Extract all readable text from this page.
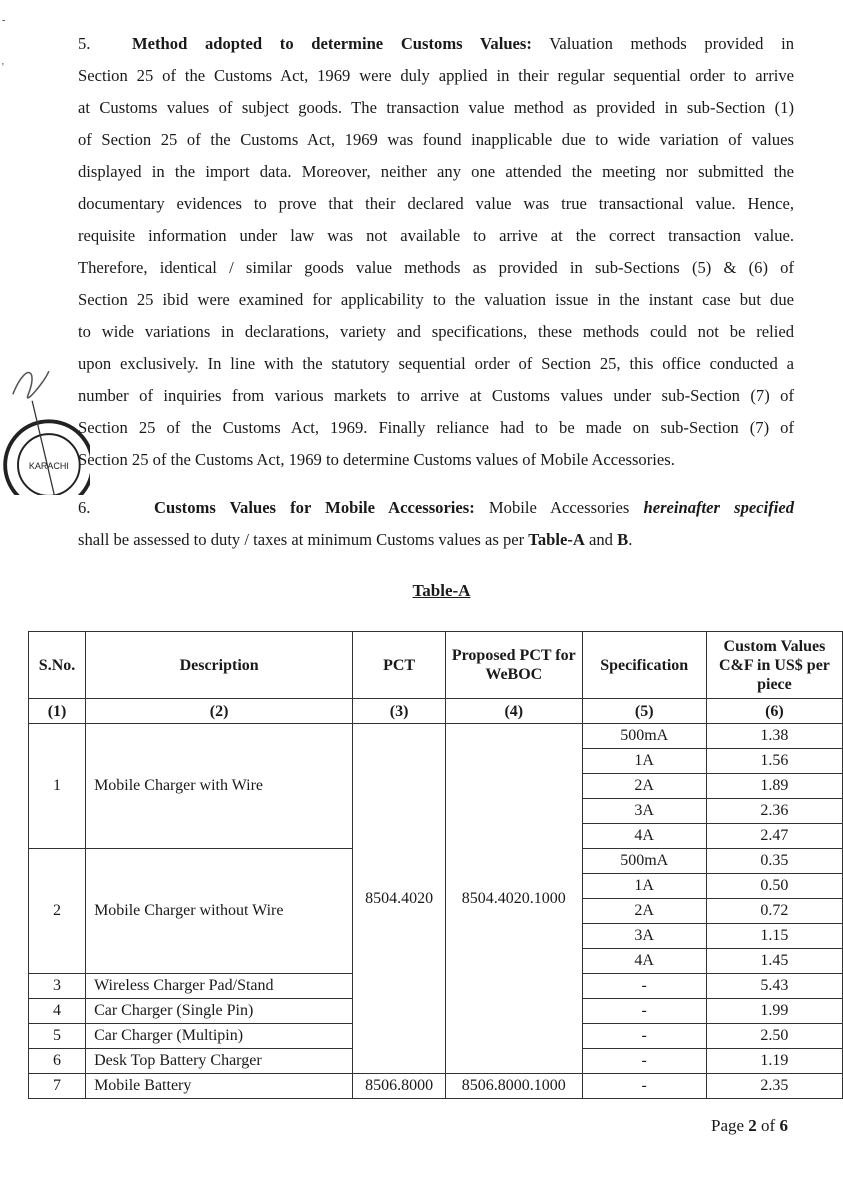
5.	Method adopted to determine Customs Values: Valuation methods provided in
Section 25 of the Customs Act, 1969 were duly applied in their regular sequential order to arrive
at Customs values of subject goods. The transaction value method as provided in sub-Section (1)
of Section 25 of the Customs Act, 1969 was found inapplicable due to wide variation of values
displayed in the import data. Moreover, neither any one attended the meeting nor submitted the
documentary evidences to prove that their declared value was true transactional value. Hence,
requisite information under law was not available to arrive at the correct transaction value.
Therefore, identical / similar goods value methods as provided in sub-Sections (5) & (6) of
Section 25 ibid were examined for applicability to the valuation issue in the instant case but due
to wide variations in declarations, variety and specifications, these methods could not be relied
upon exclusively. In line with the statutory sequential order of Section 25, this office conducted a
number of inquiries from various markets to arrive at Customs values under sub-Section (7) of
Section 25 of the Customs Act, 1969. Finally reliance had to be made on sub-Section (7) of
Section 25 of the Customs Act, 1969 to determine Customs values of Mobile Accessories.
KARACHI
-
'
6.	Customs Values for Mobile Accessories: Mobile Accessories hereinafter specified
shall be assessed to duty / taxes at minimum Customs values as per Table-A and B.
Table-A
S.No.	Description	PCT	Proposed PCT for WeBOC	Specification	Custom Values C&F in US$ per piece
(1)	(2)	(3)	(4)	(5)	(6)
1	Mobile Charger with Wire	8504.4020	8504.4020.1000	500mA	1.38
				1A	1.56
				2A	1.89
				3A	2.36
				4A	2.47
2	Mobile Charger without Wire			500mA	0.35
				1A	0.50
				2A	0.72
				3A	1.15
				4A	1.45
3	Wireless Charger Pad/Stand			-	5.43
4	Car Charger (Single Pin)			-	1.99
5	Car Charger (Multipin)			-	2.50
6	Desk Top Battery Charger			-	1.19
7	Mobile Battery	8506.8000	8506.8000.1000	-	2.35
Page 2 of 6
